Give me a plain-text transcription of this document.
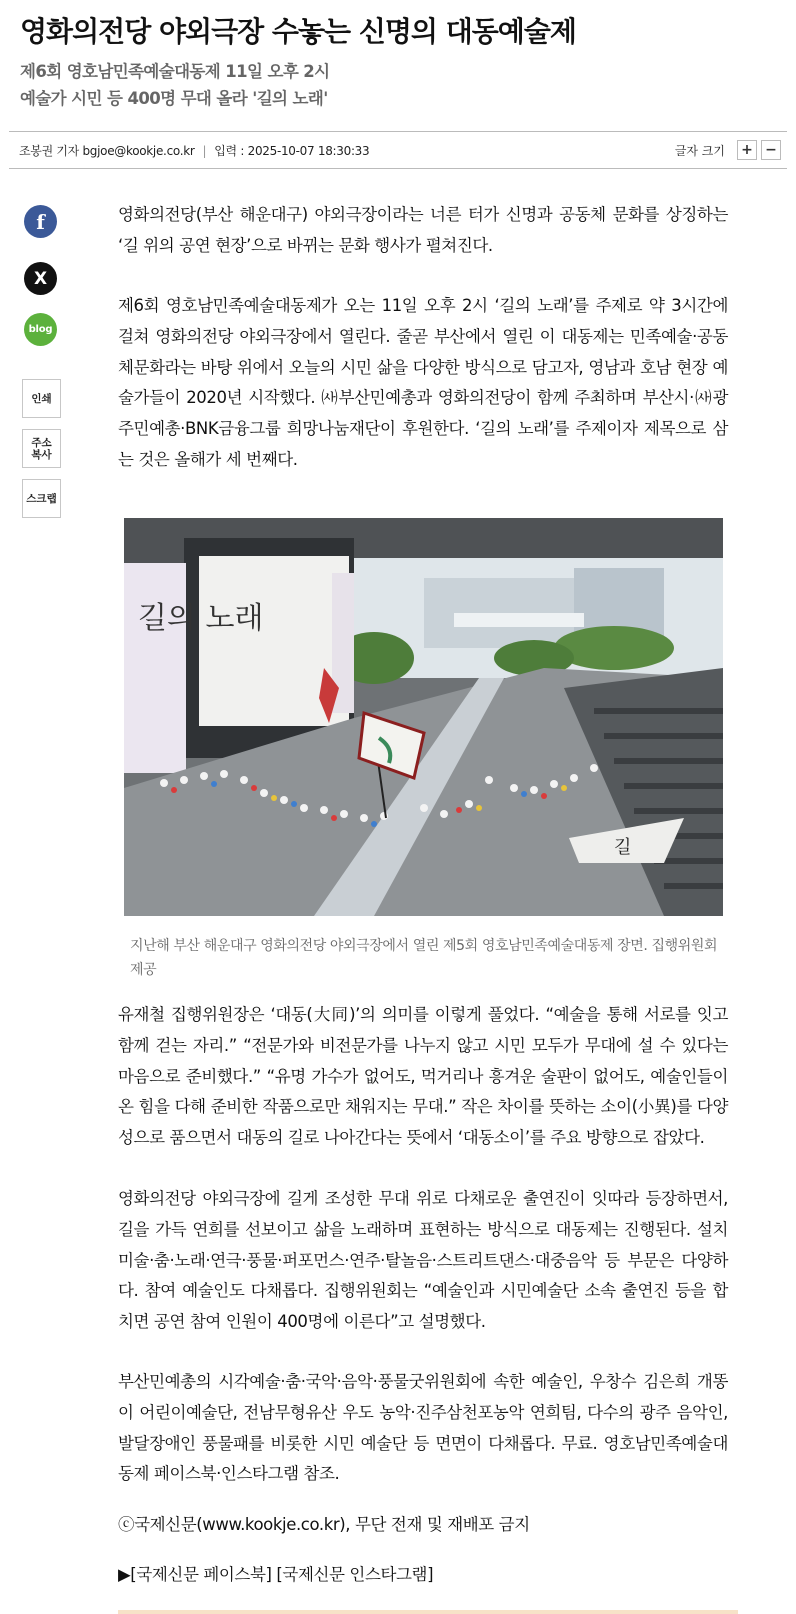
영화의전당 야외극장 수놓는 신명의 대동예술제
제6회 영호남민족예술대동제 11일 오후 2시
예술가 시민 등 400명 무대 올라 '길의 노래'
조봉권 기자 bgjoe@kookje.co.kr | 입력 : 2025-10-07 18:30:33	글자 크기 + −
f
X
blog
인쇄
주소
복사
스크랩

영화의전당(부산 해운대구) 야외극장이라는 너른 터가 신명과 공동체 문화를 상징하는 ‘길 위의 공연 현장’으로 바뀌는 문화 행사가 펼쳐진다.

제6회 영호남민족예술대동제가 오는 11일 오후 2시 ‘길의 노래’를 주제로 약 3시간에 걸쳐 영화의전당 야외극장에서 열린다. 줄곧 부산에서 열린 이 대동제는 민족예술·공동체문화라는 바탕 위에서 오늘의 시민 삶을 다양한 방식으로 담고자, 영남과 호남 현장 예술가들이 2020년 시작했다. ㈔부산민예총과 영화의전당이 함께 주최하며 부산시·㈔광주민예총·BNK금융그룹 희망나눔재단이 후원한다. ‘길의 노래’를 주제이자 제목으로 삼는 것은 올해가 세 번째다.

길의 노래
길

지난해 부산 해운대구 영화의전당 야외극장에서 열린 제5회 영호남민족예술대동제 장면. 집행위원회 제공

유재철 집행위원장은 ‘대동(大同)’의 의미를 이렇게 풀었다. “예술을 통해 서로를 잇고 함께 걷는 자리.” “전문가와 비전문가를 나누지 않고 시민 모두가 무대에 설 수 있다는 마음으로 준비했다.” “유명 가수가 없어도, 먹거리나 흥겨운 술판이 없어도, 예술인들이 온 힘을 다해 준비한 작품으로만 채워지는 무대.” 작은 차이를 뜻하는 소이(小異)를 다양성으로 품으면서 대동의 길로 나아간다는 뜻에서 ‘대동소이’를 주요 방향으로 잡았다.

영화의전당 야외극장에 길게 조성한 무대 위로 다채로운 출연진이 잇따라 등장하면서, 길을 가득 연희를 선보이고 삶을 노래하며 표현하는 방식으로 대동제는 진행된다. 설치미술·춤·노래·연극·풍물·퍼포먼스·연주·탈놀음·스트리트댄스·대중음악 등 부문은 다양하다. 참여 예술인도 다채롭다. 집행위원회는 “예술인과 시민예술단 소속 출연진 등을 합치면 공연 참여 인원이 400명에 이른다”고 설명했다.

부산민예총의 시각예술·춤·국악·음악·풍물굿위원회에 속한 예술인, 우창수 김은희 개똥이 어린이예술단, 전남무형유산 우도 농악·진주삼천포농악 연희팀, 다수의 광주 음악인, 발달장애인 풍물패를 비롯한 시민 예술단 등 면면이 다채롭다. 무료. 영호남민족예술대동제 페이스북·인스타그램 참조.

ⓒ국제신문(www.kookje.co.kr), 무단 전재 및 재배포 금지

▶[국제신문 페이스북] [국제신문 인스타그램]
